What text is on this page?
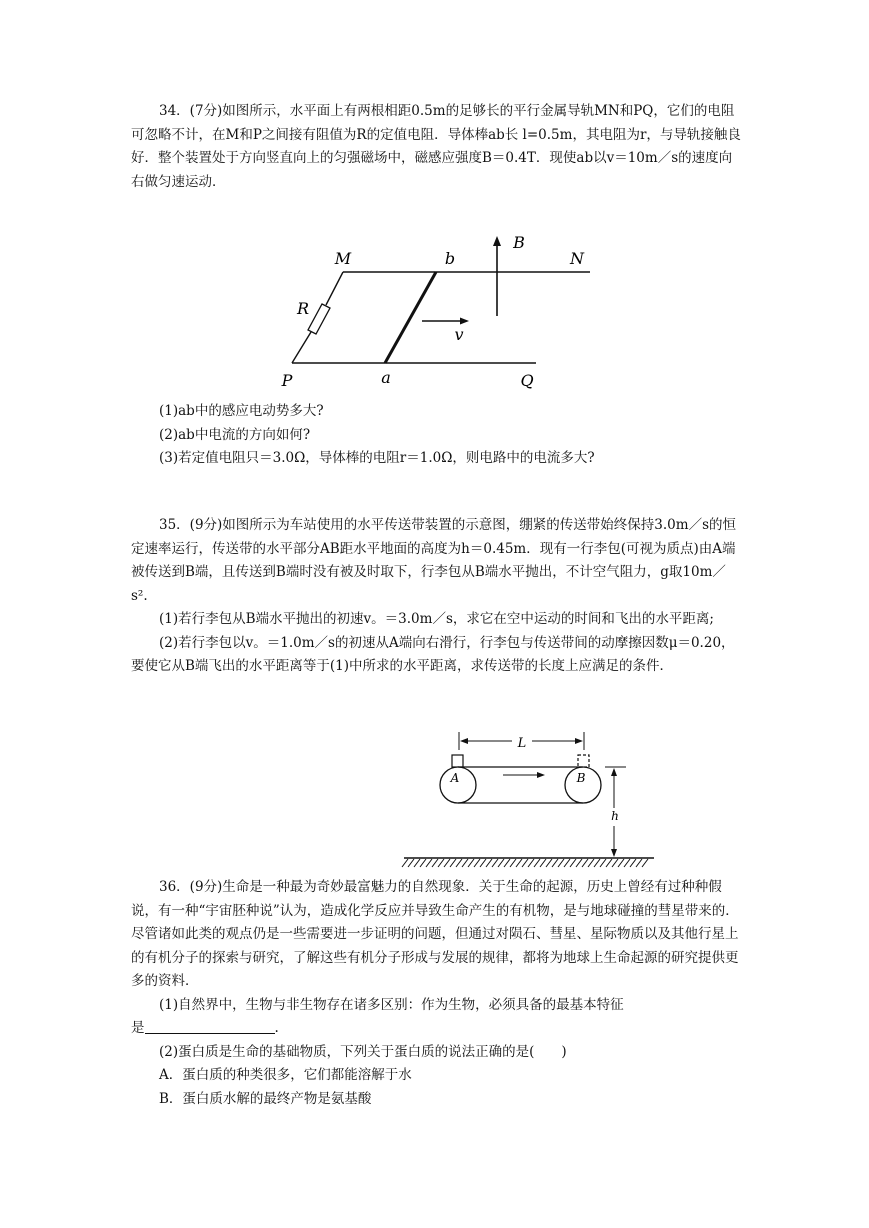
34．(7分)如图所示，水平面上有两根相距0.5m的足够长的平行金属导轨MN和PQ，它们的电阻可忽略不计，在M和P之间接有阻值为R的定值电阻．导体棒ab长 l=0.5m，其电阻为r，与导轨接触良好．整个装置处于方向竖直向上的匀强磁场中，磁感应强度B＝0.4T．现使ab以v＝10m／s的速度向右做匀速运动．

M	b
B
N
R
v
P	a	Q

(1)ab中的感应电动势多大?

(2)ab中电流的方向如何?

(3)若定值电阻只＝3.0Ω，导体棒的电阻r＝1.0Ω，则电路中的电流多大?

35．(9分)如图所示为车站使用的水平传送带装置的示意图，绷紧的传送带始终保持3.0m／s的恒定速率运行，传送带的水平部分AB距水平地面的高度为h＝0.45m．现有一行李包(可视为质点)由A端被传送到B端，且传送到B端时没有被及时取下，行李包从B端水平抛出，不计空气阻力，g取10m／s².

(1)若行李包从B端水平抛出的初速v。＝3.0m／s，求它在空中运动的时间和飞出的水平距离;

(2)若行李包以v。＝1.0m／s的初速从A端向右滑行，行李包与传送带间的动摩擦因数μ＝0.20，要使它从B端飞出的水平距离等于(1)中所求的水平距离，求传送带的长度上应满足的条件．

L
A	B
h

36．(9分)生命是一种最为奇妙最富魅力的自然现象．关于生命的起源，历史上曾经有过种种假说，有一种“宇宙胚种说”认为，造成化学反应并导致生命产生的有机物，是与地球碰撞的彗星带来的．尽管诸如此类的观点仍是一些需要进一步证明的问题，但通过对陨石、彗星、星际物质以及其他行星上的有机分子的探索与研究，了解这些有机分子形成与发展的规律，都将为地球上生命起源的研究提供更多的资料．

(1)自然界中，生物与非生物存在诸多区别：作为生物，必须具备的最基本特征

是	.

(2)蛋白质是生命的基础物质，下列关于蛋白质的说法正确的是(　　)

A．蛋白质的种类很多，它们都能溶解于水

B．蛋白质水解的最终产物是氨基酸
